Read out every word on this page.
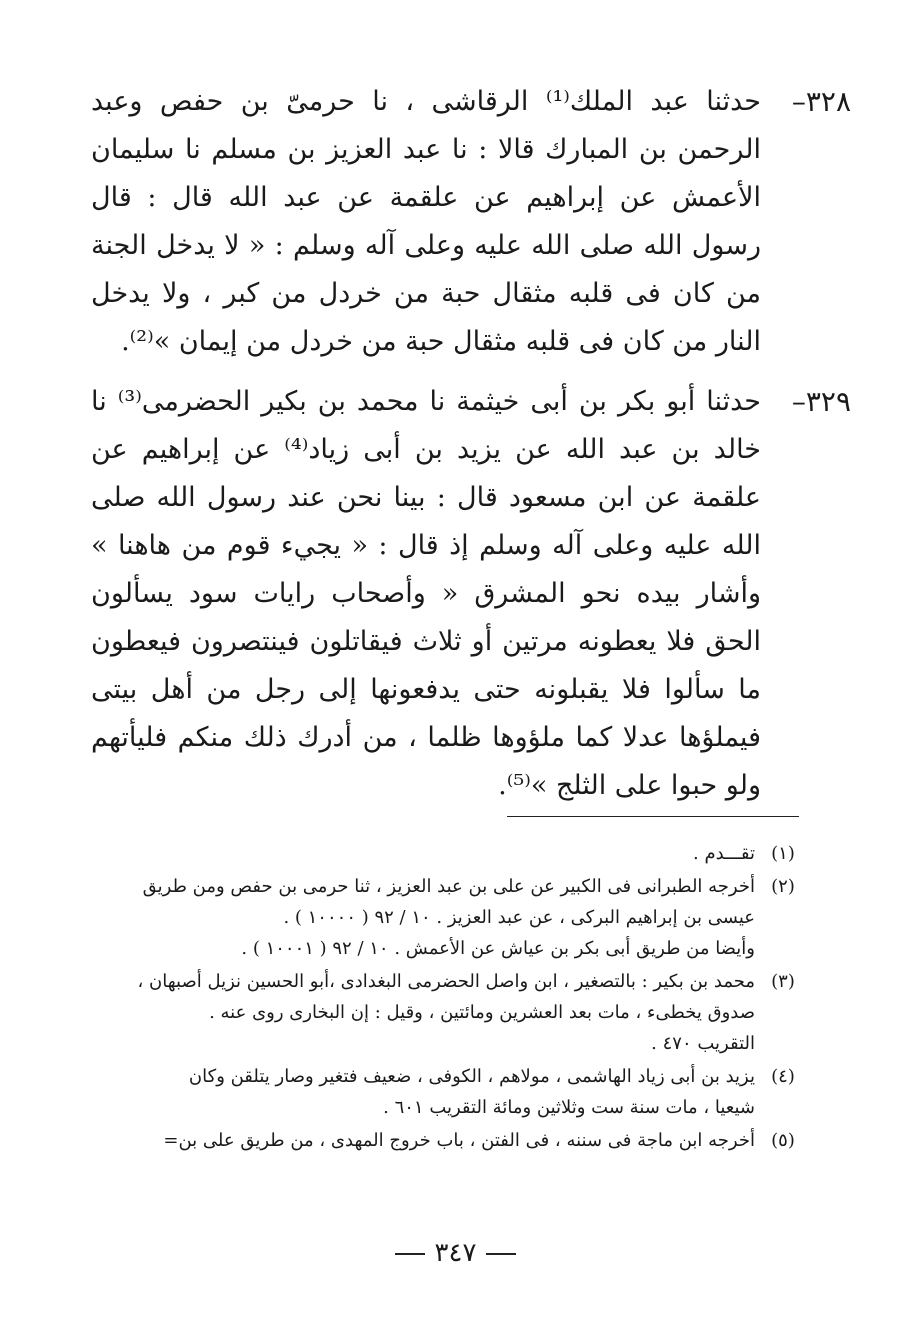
٣٢٨–
حدثنا عبد الملك⁽¹⁾ الرقاشى ، نا حرمىّ بن حفص وعبد الرحمن بن المبارك قالا : نا عبد العزيز بن مسلم نا سليمان الأعمش عن إبراهيم عن علقمة عن عبد الله قال : قال رسول الله صلى الله عليه وعلى آله وسلم : « لا يدخل الجنة من كان فى قلبه مثقال حبة من خردل من كبر ، ولا يدخل النار من كان فى قلبه مثقال حبة من خردل من إيمان »⁽²⁾.
٣٢٩–
حدثنا أبو بكر بن أبى خيثمة نا محمد بن بكير الحضرمى⁽³⁾ نا خالد بن عبد الله عن يزيد بن أبى زياد⁽⁴⁾ عن إبراهيم عن علقمة عن ابن مسعود قال : بينا نحن عند رسول الله صلى الله عليه وعلى آله وسلم إذ قال : « يجيء قوم من هاهنا » وأشار بيده نحو المشرق « وأصحاب رايات سود يسألون الحق فلا يعطونه مرتين أو ثلاث فيقاتلون فينتصرون فيعطون ما سألوا فلا يقبلونه حتى يدفعونها إلى رجل من أهل بيتى فيملؤها عدلا كما ملؤوها ظلما ، من أدرك ذلك منكم فليأتهم ولو حبوا على الثلج »⁽⁵⁾.
(١)
تقـــدم .
(٢)
أخرجه الطبرانى فى الكبير عن على بن عبد العزيز ، ثنا حرمى بن حفص ومن طريق
عيسى بن إبراهيم البركى ، عن عبد العزيز . ١٠ / ٩٢ ( ١٠٠٠٠ ) .
وأيضا من طريق أبى بكر بن عياش عن الأعمش . ١٠ / ٩٢ ( ١٠٠٠١ ) .
(٣)
محمد بن بكير : بالتصغير ، ابن واصل الحضرمى البغدادى ،أبو الحسين نزيل أصبهان ،
صدوق يخطىء ، مات بعد العشرين ومائتين ، وقيل : إن البخارى روى عنه .
التقريب ٤٧٠ .
(٤)
يزيد بن أبى زياد الهاشمى ، مولاهم ، الكوفى ، ضعيف فتغير وصار يتلقن وكان
شيعيا ، مات سنة ست وثلاثين ومائة التقريب ٦٠١ .
(٥)
أخرجه ابن ماجة فى سننه ، فى الفتن ، باب خروج المهدى ، من طريق على بن=
٣٤٧
